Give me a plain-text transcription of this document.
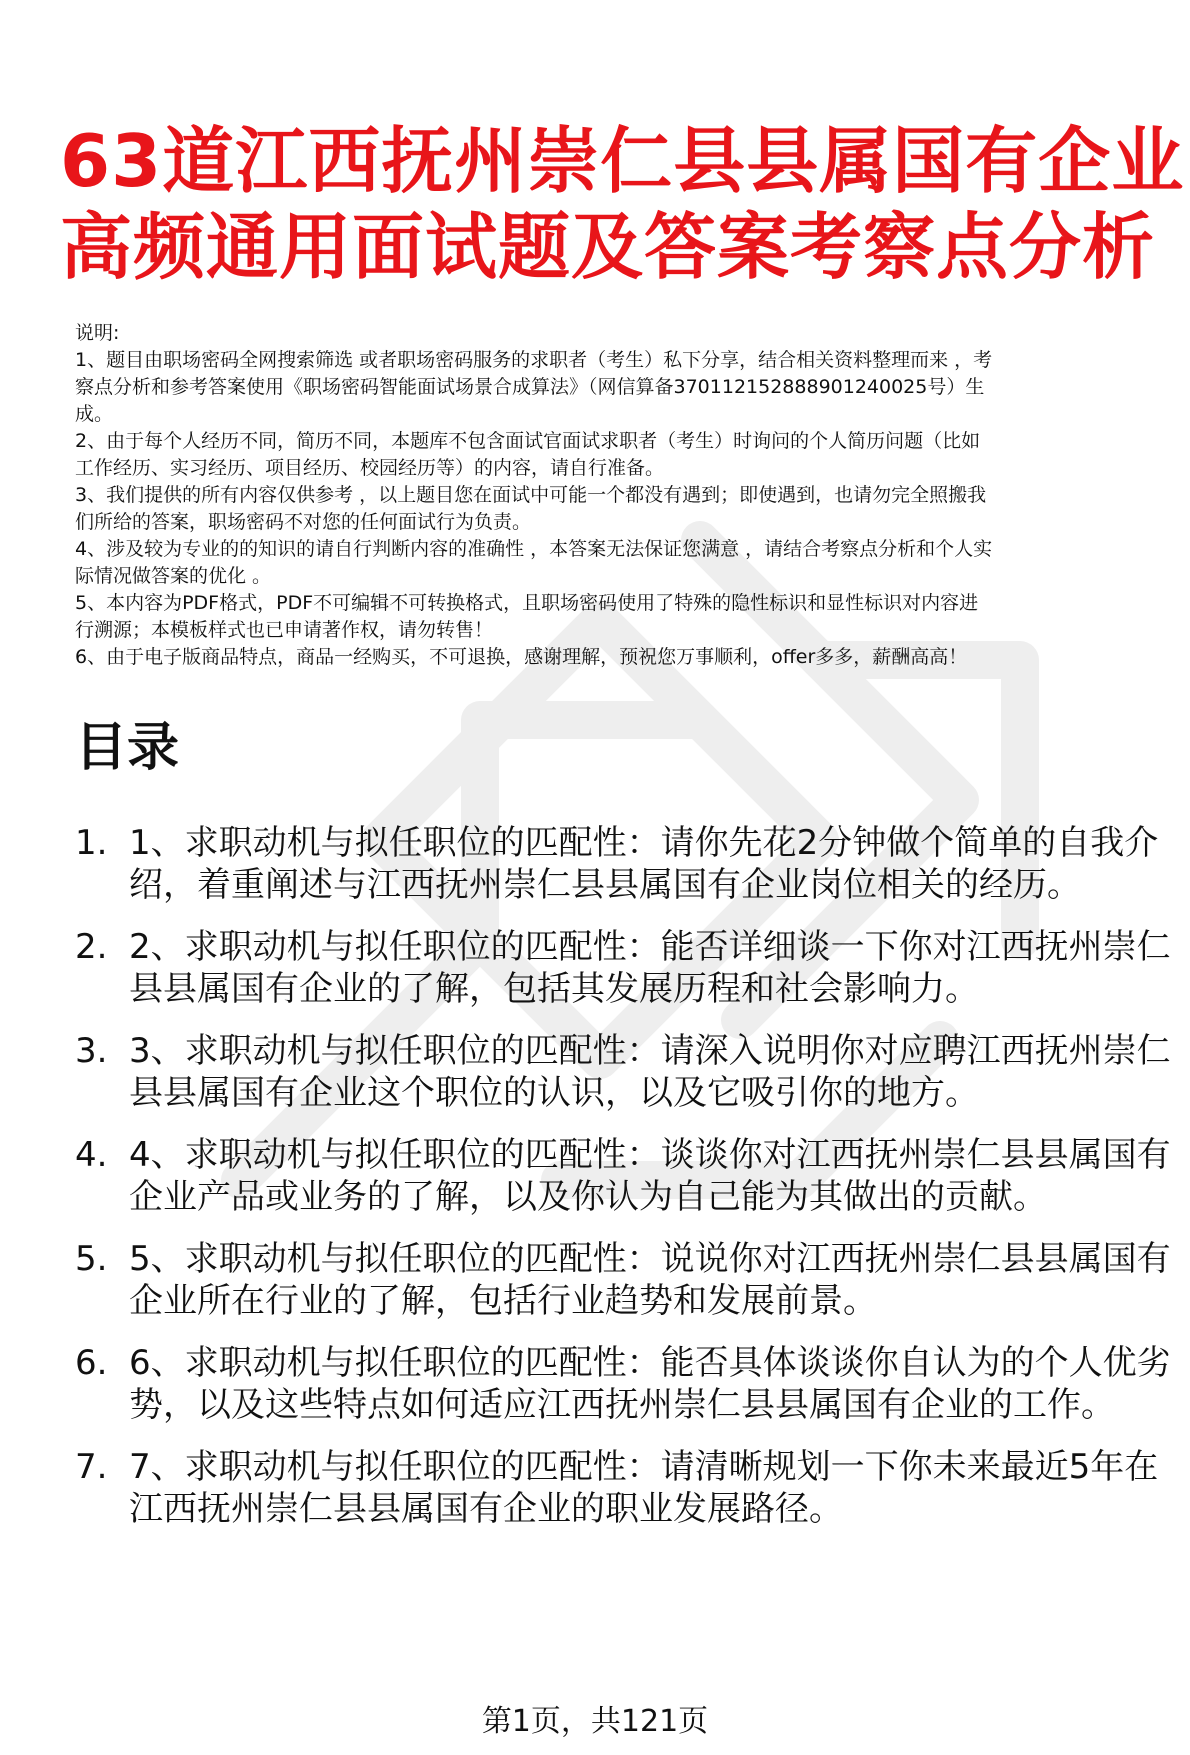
63道江西抚州崇仁县县属国有企业
高频通用面试题及答案考察点分析
说明:
1、题目由职场密码全网搜索筛选 或者职场密码服务的求职者（考生）私下分享，结合相关资料整理而来 ，考
察点分析和参考答案使用《职场密码智能面试场景合成算法》（网信算备370112152888901240025号）生
成。
2、由于每个人经历不同，简历不同，本题库不包含面试官面试求职者（考生）时询问的个人简历问题（比如
工作经历、实习经历、项目经历、校园经历等）的内容，请自行准备。
3、我们提供的所有内容仅供参考 ，以上题目您在面试中可能一个都没有遇到；即使遇到，也请勿完全照搬我
们所给的答案，职场密码不对您的任何面试行为负责。
4、涉及较为专业的的知识的请自行判断内容的准确性 ，本答案无法保证您满意 ，请结合考察点分析和个人实
际情况做答案的优化 。
5、本内容为PDF格式，PDF不可编辑不可转换格式，且职场密码使用了特殊的隐性标识和显性标识对内容进
行溯源；本模板样式也已申请著作权，请勿转售！
6、由于电子版商品特点，商品一经购买，不可退换，感谢理解，预祝您万事顺利，offer多多，薪酬高高！
目录
1. 1、求职动机与拟任职位的匹配性：请你先花2分钟做个简单的自我介绍，着重阐述与江西抚州崇仁县县属国有企业岗位相关的经历。
2. 2、求职动机与拟任职位的匹配性：能否详细谈一下你对江西抚州崇仁县县属国有企业的了解，包括其发展历程和社会影响力。
3. 3、求职动机与拟任职位的匹配性：请深入说明你对应聘江西抚州崇仁县县属国有企业这个职位的认识，以及它吸引你的地方。
4. 4、求职动机与拟任职位的匹配性：谈谈你对江西抚州崇仁县县属国有企业产品或业务的了解，以及你认为自己能为其做出的贡献。
5. 5、求职动机与拟任职位的匹配性：说说你对江西抚州崇仁县县属国有企业所在行业的了解，包括行业趋势和发展前景。
6. 6、求职动机与拟任职位的匹配性：能否具体谈谈你自认为的个人优劣势，以及这些特点如何适应江西抚州崇仁县县属国有企业的工作。
7. 7、求职动机与拟任职位的匹配性：请清晰规划一下你未来最近5年在江西抚州崇仁县县属国有企业的职业发展路径。
第1页，共121页
